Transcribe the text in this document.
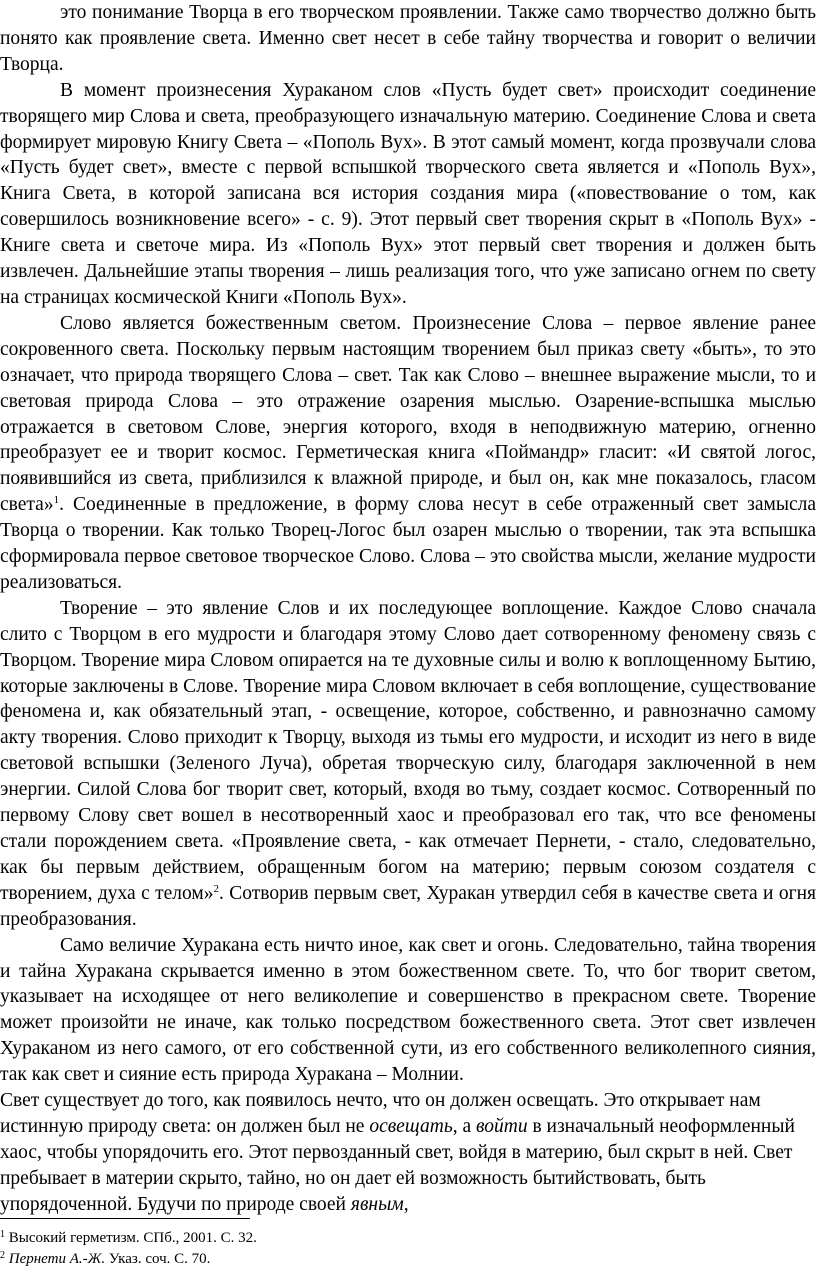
это понимание Творца в его творческом проявлении. Также само творчество должно быть понято как проявление света. Именно свет несет в себе тайну творчества и говорит о величии Творца.

В момент произнесения Хураканом слов «Пусть будет свет» происходит соединение творящего мир Слова и света, преобразующего изначальную материю. Соединение Слова и света формирует мировую Книгу Света – «Пополь Вух». В этот самый момент, когда прозвучали слова «Пусть будет свет», вместе с первой вспышкой творческого света является и «Пополь Вух», Книга Света, в которой записана вся история создания мира («повествование о том, как совершилось возникновение всего» - с. 9). Этот первый свет творения скрыт в «Пополь Вух» - Книге света и светоче мира. Из «Пополь Вух» этот первый свет творения и должен быть извлечен. Дальнейшие этапы творения – лишь реализация того, что уже записано огнем по свету на страницах космической Книги «Пополь Вух».

Слово является божественным светом. Произнесение Слова – первое явление ранее сокровенного света. Поскольку первым настоящим творением был приказ свету «быть», то это означает, что природа творящего Слова – свет. Так как Слово – внешнее выражение мысли, то и световая природа Слова – это отражение озарения мыслью. Озарение-вспышка мыслью отражается в световом Слове, энергия которого, входя в неподвижную материю, огненно преобразует ее и творит космос. Герметическая книга «Поймандр» гласит: «И святой логос, появившийся из света, приблизился к влажной природе, и был он, как мне показалось, гласом света»$^1$. Соединенные в предложение, в форму слова несут в себе отраженный свет замысла Творца о творении. Как только Творец-Логос был озарен мыслью о творении, так эта вспышка сформировала первое световое творческое Слово. Слова – это свойства мысли, желание мудрости реализоваться.

Творение – это явление Слов и их последующее воплощение. Каждое Слово сначала слито с Творцом в его мудрости и благодаря этому Слово дает сотворенному феномену связь с Творцом. Творение мира Словом опирается на те духовные силы и волю к воплощенному Бытию, которые заключены в Слове. Творение мира Словом включает в себя воплощение, существование феномена и, как обязательный этап, - освещение, которое, собственно, и равнозначно самому акту творения. Слово приходит к Творцу, выходя из тьмы его мудрости, и исходит из него в виде световой вспышки (Зеленого Луча), обретая творческую силу, благодаря заключенной в нем энергии. Силой Слова бог творит свет, который, входя во тьму, создает космос. Сотворенный по первому Слову свет вошел в несотворенный хаос и преобразовал его так, что все феномены стали порождением света. «Проявление света, - как отмечает Пернети, - стало, следовательно, как бы первым действием, обращенным богом на материю; первым союзом создателя с творением, духа с телом»$^2$. Сотворив первым свет, Хуракан утвердил себя в качестве света и огня преобразования.

Само величие Хуракана есть ничто иное, как свет и огонь. Следовательно, тайна творения и тайна Хуракана скрывается именно в этом божественном свете. То, что бог творит светом, указывает на исходящее от него великолепие и совершенство в прекрасном свете. Творение может произойти не иначе, как только посредством божественного света. Этот свет извлечен Хураканом из него самого, от его собственной сути, из его собственного великолепного сияния, так как свет и сияние есть природа Хуракана – Молнии.

Свет существует до того, как появилось нечто, что он должен освещать. Это открывает нам истинную природу света: он должен был не освещать, а войти в изначальный неоформленный хаос, чтобы упорядочить его. Этот первозданный свет, войдя в материю, был скрыт в ней. Свет пребывает в материи скрыто, тайно, но он дает ей возможность бытийствовать, быть упорядоченной. Будучи по природе своей явным,

$^1$ Высокий герметизм. СПб., 2001. С. 32.

$^2$ Пернети А.-Ж. Указ. соч. С. 70.
